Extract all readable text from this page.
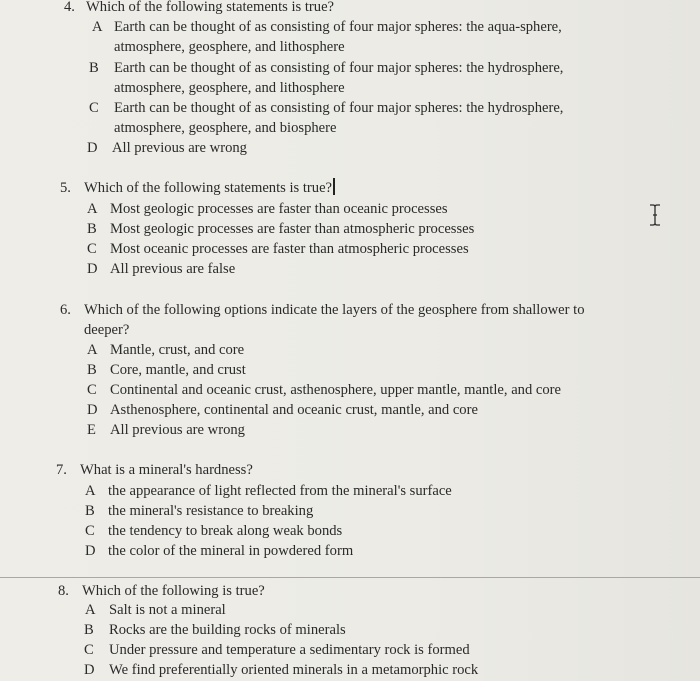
4. Which of the following statements is true?
A Earth can be thought of as consisting of four major spheres: the aqua-sphere,
atmosphere, geosphere, and lithosphere
B Earth can be thought of as consisting of four major spheres: the hydrosphere,
atmosphere, geosphere, and lithosphere
C Earth can be thought of as consisting of four major spheres: the hydrosphere,
atmosphere, geosphere, and biosphere
D All previous are wrong
5. Which of the following statements is true?
A Most geologic processes are faster than oceanic processes
B Most geologic processes are faster than atmospheric processes
C Most oceanic processes are faster than atmospheric processes
D All previous are false
6. Which of the following options indicate the layers of the geosphere from shallower to
deeper?
A Mantle, crust, and core
B Core, mantle, and crust
C Continental and oceanic crust, asthenosphere, upper mantle, mantle, and core
D Asthenosphere, continental and oceanic crust, mantle, and core
E All previous are wrong
7. What is a mineral's hardness?
A the appearance of light reflected from the mineral's surface
B the mineral's resistance to breaking
C the tendency to break along weak bonds
D the color of the mineral in powdered form
8. Which of the following is true?
A Salt is not a mineral
B Rocks are the building rocks of minerals
C Under pressure and temperature a sedimentary rock is formed
D We find preferentially oriented minerals in a metamorphic rock
